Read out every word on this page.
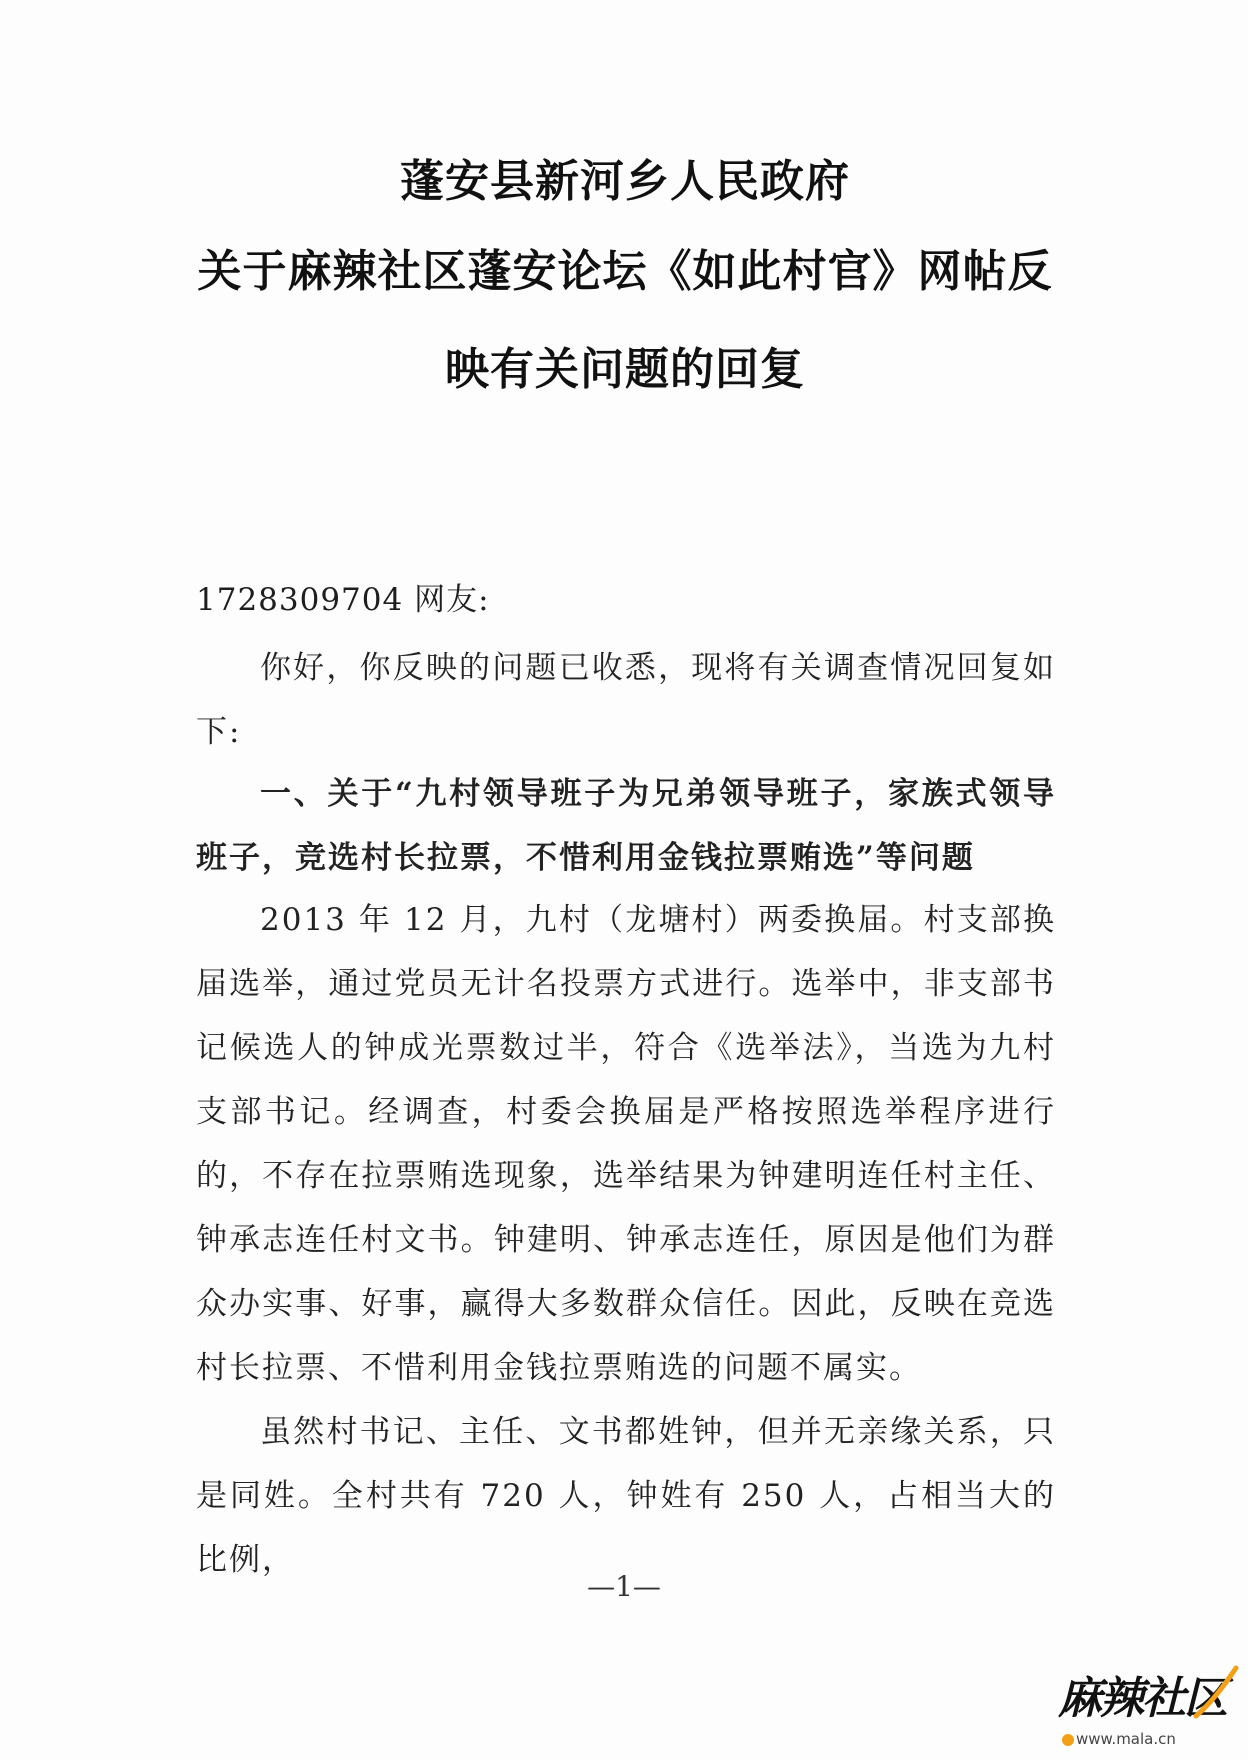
蓬安县新河乡人民政府
关于麻辣社区蓬安论坛《如此村官》网帖反
映有关问题的回复
1728309704 网友:

你好，你反映的问题已收悉，现将有关调查情况回复如下:

一、关于“九村领导班子为兄弟领导班子，家族式领导班子，竞选村长拉票，不惜利用金钱拉票贿选”等问题

2013 年 12 月，九村（龙塘村）两委换届。村支部换届选举，通过党员无计名投票方式进行。选举中，非支部书记候选人的钟成光票数过半，符合《选举法》，当选为九村支部书记。经调查，村委会换届是严格按照选举程序进行的，不存在拉票贿选现象，选举结果为钟建明连任村主任、钟承志连任村文书。钟建明、钟承志连任，原因是他们为群众办实事、好事，赢得大多数群众信任。因此，反映在竞选村长拉票、不惜利用金钱拉票贿选的问题不属实。

虽然村书记、主任、文书都姓钟，但并无亲缘关系，只是同姓。全村共有 720 人，钟姓有 250 人，占相当大的比例，

—1—
麻辣社区
www.mala.cn
